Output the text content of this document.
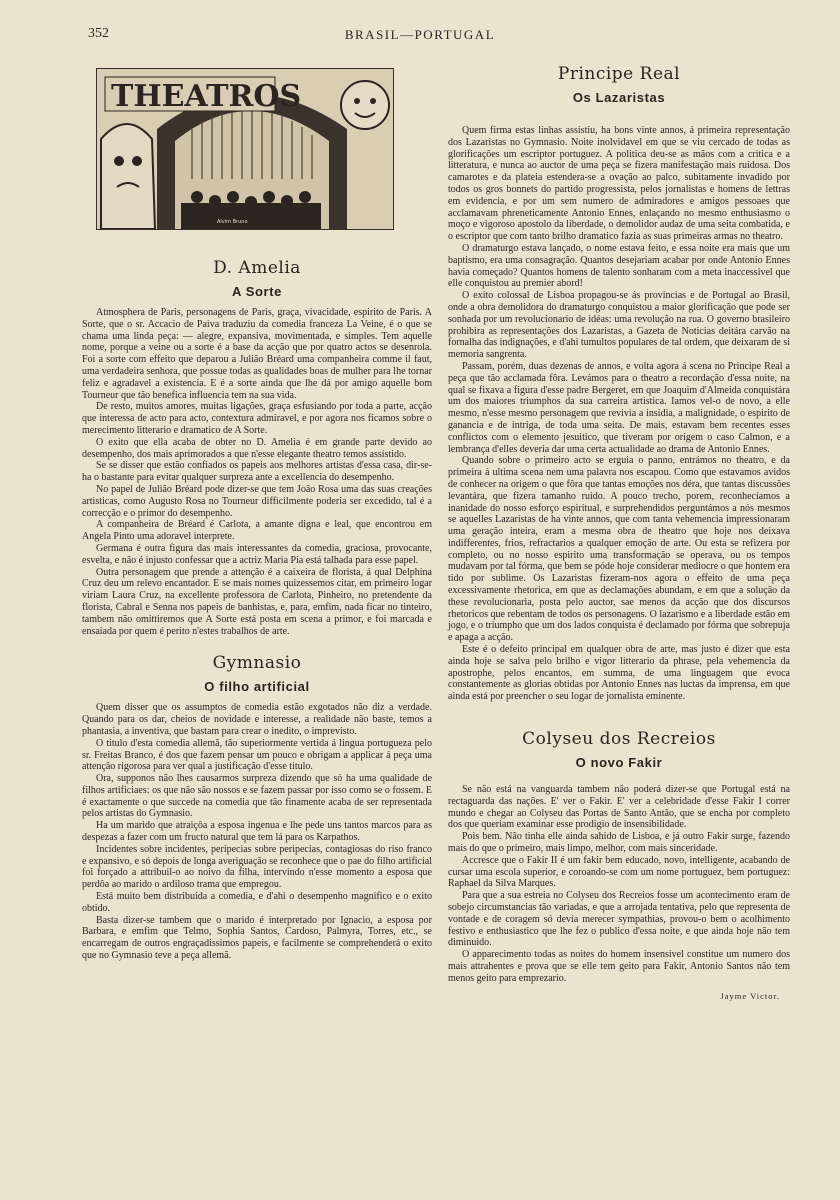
352	BRASIL—PORTUGAL
THEATROS
Alvim Bruno
D. Amelia
A Sorte

Atmosphera de Paris, personagens de Paris, graça, vivacidade, espirito de Paris. A Sorte, que o sr. Accacio de Paiva traduziu da comedia franceza La Veine, é o que se chama uma linda peça: — alegre, expansiva, movimentada, e simples. Tem aquelle nome, porque a veine ou a sorte é a base da acção que por quatro actos se desenrola. Foi a sorte com effeito que deparou a Julião Bréard uma companheira comme il faut, uma verdadeira senhora, que possue todas as qualidades boas de mulher para lhe tornar feliz e agradavel a existencia. E é a sorte ainda que lhe dá por amigo aquelle bom Tourneur que tão benefica influencia tem na sua vida.

De resto, muitos amores, muitas ligações, graça esfusiando por toda a parte, acção que interessa de acto para acto, contextura admiravel, e por agora nos ficamos sobre o merecimento litterario e dramatico de A Sorte.

O exito que ella acaba de obter no D. Amelia é em grande parte devido ao desempenho, dos mais aprimorados a que n'esse elegante theatro temos assistido.

Se se disser que estão confiados os papeis aos melhores artistas d'essa casa, dir-se-ha o bastante para evitar qualquer surpreza ante a excellencia do desempenho.

No papel de Julião Bréard pode dizer-se que tem João Rosa uma das suas creações artisticas, como Augusto Rosa no Tourneur difficilmente poderia ser excedido, tal é a correcção e o primor do desempenho.

A companheira de Bréard é Carlota, a amante digna e leal, que encontrou em Angela Pinto uma adoravel interprete.

Germana é outra figura das mais interessantes da comedia, graciosa, provocante, esvelta, e não é injusto confessar que a actriz Maria Pia está talhada para esse papel.

Outra personagem que prende a attenção é a caixeira de florista, á qual Delphina Cruz deu um relevo encantador. E se mais nomes quizessemos citar, em primeiro logar viriam Laura Cruz, na excellente professora de Carlota, Pinheiro, no pretendente da florista, Cabral e Senna nos papeis de banhistas, e, para, emfim, nada ficar no tinteiro, tambem não omittiremos que A Sorte está posta em scena a primor, e foi marcada e ensaiada por quem é perito n'estes trabalhos de arte.

Gymnasio
O filho artificial

Quem disser que os assumptos de comedia estão exgotados não diz a verdade. Quando para os dar, cheios de novidade e interesse, a realidade não baste, temos a phantasia, a inventiva, que bastam para crear o inedito, o imprevisto.

O titulo d'esta comedia allemã, tão superiormente vertida á lingua portugueza pelo sr. Freitas Branco, é dos que fazem pensar um pouco e obrigam a applicar á peça uma attenção rigorosa para ver qual a justificação d'esse titulo.

Ora, supponos não lhes causarmos surpreza dizendo que só ha uma qualidade de filhos artificiaes: os que não são nossos e se fazem passar por isso como se o fossem. E é exactamente o que succede na comedia que tão finamente acaba de ser representada pelos artistas do Gymnasio.

Ha um marido que atraiçôa a esposa ingenua e lhe pede uns tantos marcos para as despezas a fazer com um fructo natural que tem lá para os Karpathos.

Incidentes sobre incidentes, peripecias sobre peripecias, contagiosas do riso franco e expansivo, e só depois de longa averiguação se reconhece que o pae do filho artificial foi forçado a attribuil-o ao noivo da filha, intervindo n'esse momento a esposa que perdôa ao marido o ardiloso trama que empregou.

Está muito bem distribuida a comedia, e d'ahi o desempenho magnifico e o exito obtido.

Basta dizer-se tambem que o marido é interpretado por Ignacio, a esposa por Barbara, e emfim que Telmo, Sophia Santos, Cardoso, Palmyra, Torres, etc., se encarregam de outros engraçadissimos papeis, e facilmente se comprehenderá o exito que no Gymnasio teve a peça allemã.

Principe Real
Os Lazaristas

Quem firma estas linhas assistiu, ha bons vinte annos, á primeira representação dos Lazaristas no Gymnasio. Noite inolvidavel em que se viu cercado de todas as glorificações um escriptor portuguez. A politica deu-se as mãos com a critica e a litteratura, e nunca ao auctor de uma peça se fizera manifestação mais ruidosa. Dos camarotes e da plateia estendera-se a ovação ao palco, subitamente invadido por todos os gros bonnets do partido progressista, pelos jornalistas e homens de lettras em evidencia, e por um sem numero de admiradores e amigos pessoaes que acclamavam phreneticamente Antonio Ennes, enlaçando no mesmo enthusiasmo o moço e vigoroso apostolo da liberdade, o demolidor audaz de uma seita combatida, e o escriptor que com tanto brilho dramatico fazia as suas primeiras armas no theatro.

O dramaturgo estava lançado, o nome estava feito, e essa noite era mais que um baptismo, era uma consagração. Quantos desejariam acabar por onde Antonio Ennes havia começado? Quantos homens de talento sonharam com a meta inaccessivel que elle conquistou au premier abord!

O exito colossal de Lisboa propagou-se ás provincias e de Portugal ao Brasil, onde a obra demolidora do dramaturgo conquistou a maior glorificação que pode ser sonhada por um revolucionario de idéas: uma revolução na rua. O governo brasileiro prohibira as representações dos Lazaristas, a Gazeta de Noticias deitára carvão na fornalha das indignações, e d'ahi tumultos populares de tal ordem, que deixaram de si memoria sangrenta.

Passam, porém, duas dezenas de annos, e volta agora á scena no Principe Real a peça que tão acclamada fôra. Levámos para o theatro a recordação d'essa noite, na qual se fixava a figura d'esse padre Bergeret, em que Joaquim d'Almeida conquistára um dos maiores triumphos da sua carreira artistica. Iamos vel-o de novo, a elle mesmo, n'esse mesmo personagem que revivia a insidia, a malignidade, o espirito de ganancia e de intriga, de toda uma seita. De mais, estavam bem recentes esses conflictos com o elemento jesuitico, que tiveram por origem o caso Calmon, e a lembrança d'elles deveria dar uma certa actualidade ao drama de Antonio Ennes.

Quando sobre o primeiro acto se erguia o panno, entrámos no theatro, e da primeira á ultima scena nem uma palavra nos escapou. Como que estavamos avidos de conhecer na origem o que fôra que tantas emoções nos déra, que tantas discussões levantára, que fizera tamanho ruido. A pouco trecho, porem, reconheciamos a inanidade do nosso esforço espiritual, e surprehendidos perguntámos a nós mesmos se aquelles Lazaristas de ha vinte annos, que com tanta vehemencia impressionaram uma geração inteira, eram a mesma obra de theatro que hoje nos deixava indifferentes, frios, refractarios a qualquer emoção de arte. Ou esta se refizera por completo, ou no nosso espirito uma transformação se operava, ou os tempos mudavam por tal fórma, que bem se póde hoje considerar mediocre o que hontem era tido por sublime. Os Lazaristas fizeram-nos agora o effeito de uma peça excessivamente rhetorica, em que as declamações abundam, e em que a solução da these revolucionaria, posta pelo auctor, sae menos da acção que dos discursos rhetoricos que rebentam de todos os personagens. O lazarismo e a liberdade estão em jogo, e o triumpho que um dos lados conquista é declamado por fórma que sobrepuja e apaga a acção.

Este é o defeito principal em qualquer obra de arte, mas justo é dizer que esta ainda hoje se salva pelo brilho e vigor litterario da phrase, pela vehemencia da apostrophe, pelos encantos, em summa, de uma linguagem que evoca constantemente as glorias obtidas por Antonio Ennes nas luctas da imprensa, em que ainda está por preencher o seu logar de jornalista eminente.

Colyseu dos Recreios
O novo Fakir

Se não está na vanguarda tambem não poderá dizer-se que Portugal está na rectaguarda das nações. E' ver o Fakir. E' ver a celebridade d'esse Fakir I correr mundo e chegar ao Colyseu das Portas de Santo Antão, que se encha por completo dos que queriam examinar esse prodigio de insensibilidade.

Pois bem. Não tinha elle ainda sahido de Lisboa, e já outro Fakir surge, fazendo mais do que o primeiro, mais limpo, melhor, com mais sinceridade.

Accresce que o Fakir II é um fakir bem educado, novo, intelligente, acabando de cursar uma escola superior, e coroando-se com um nome portuguez, bem portuguez: Raphael da Silva Marques.

Para que a sua estreia no Colyseu dos Recreios fosse um acontecimento eram de sobejo circumstancias tão variadas, e que a arrojada tentativa, pelo que representa de vontade e de coragem só devia merecer sympathias, provou-o bem o acolhimento festivo e enthusiastico que lhe fez o publico d'essa noite, e que ainda hoje não tem diminuido.

O apparecimento todas as noites do homem insensivel constitue um numero dos mais attrahentes e prova que se elle tem geito para Fakir, Antonio Santos não tem menos geito para emprezario.

Jayme Victor.
